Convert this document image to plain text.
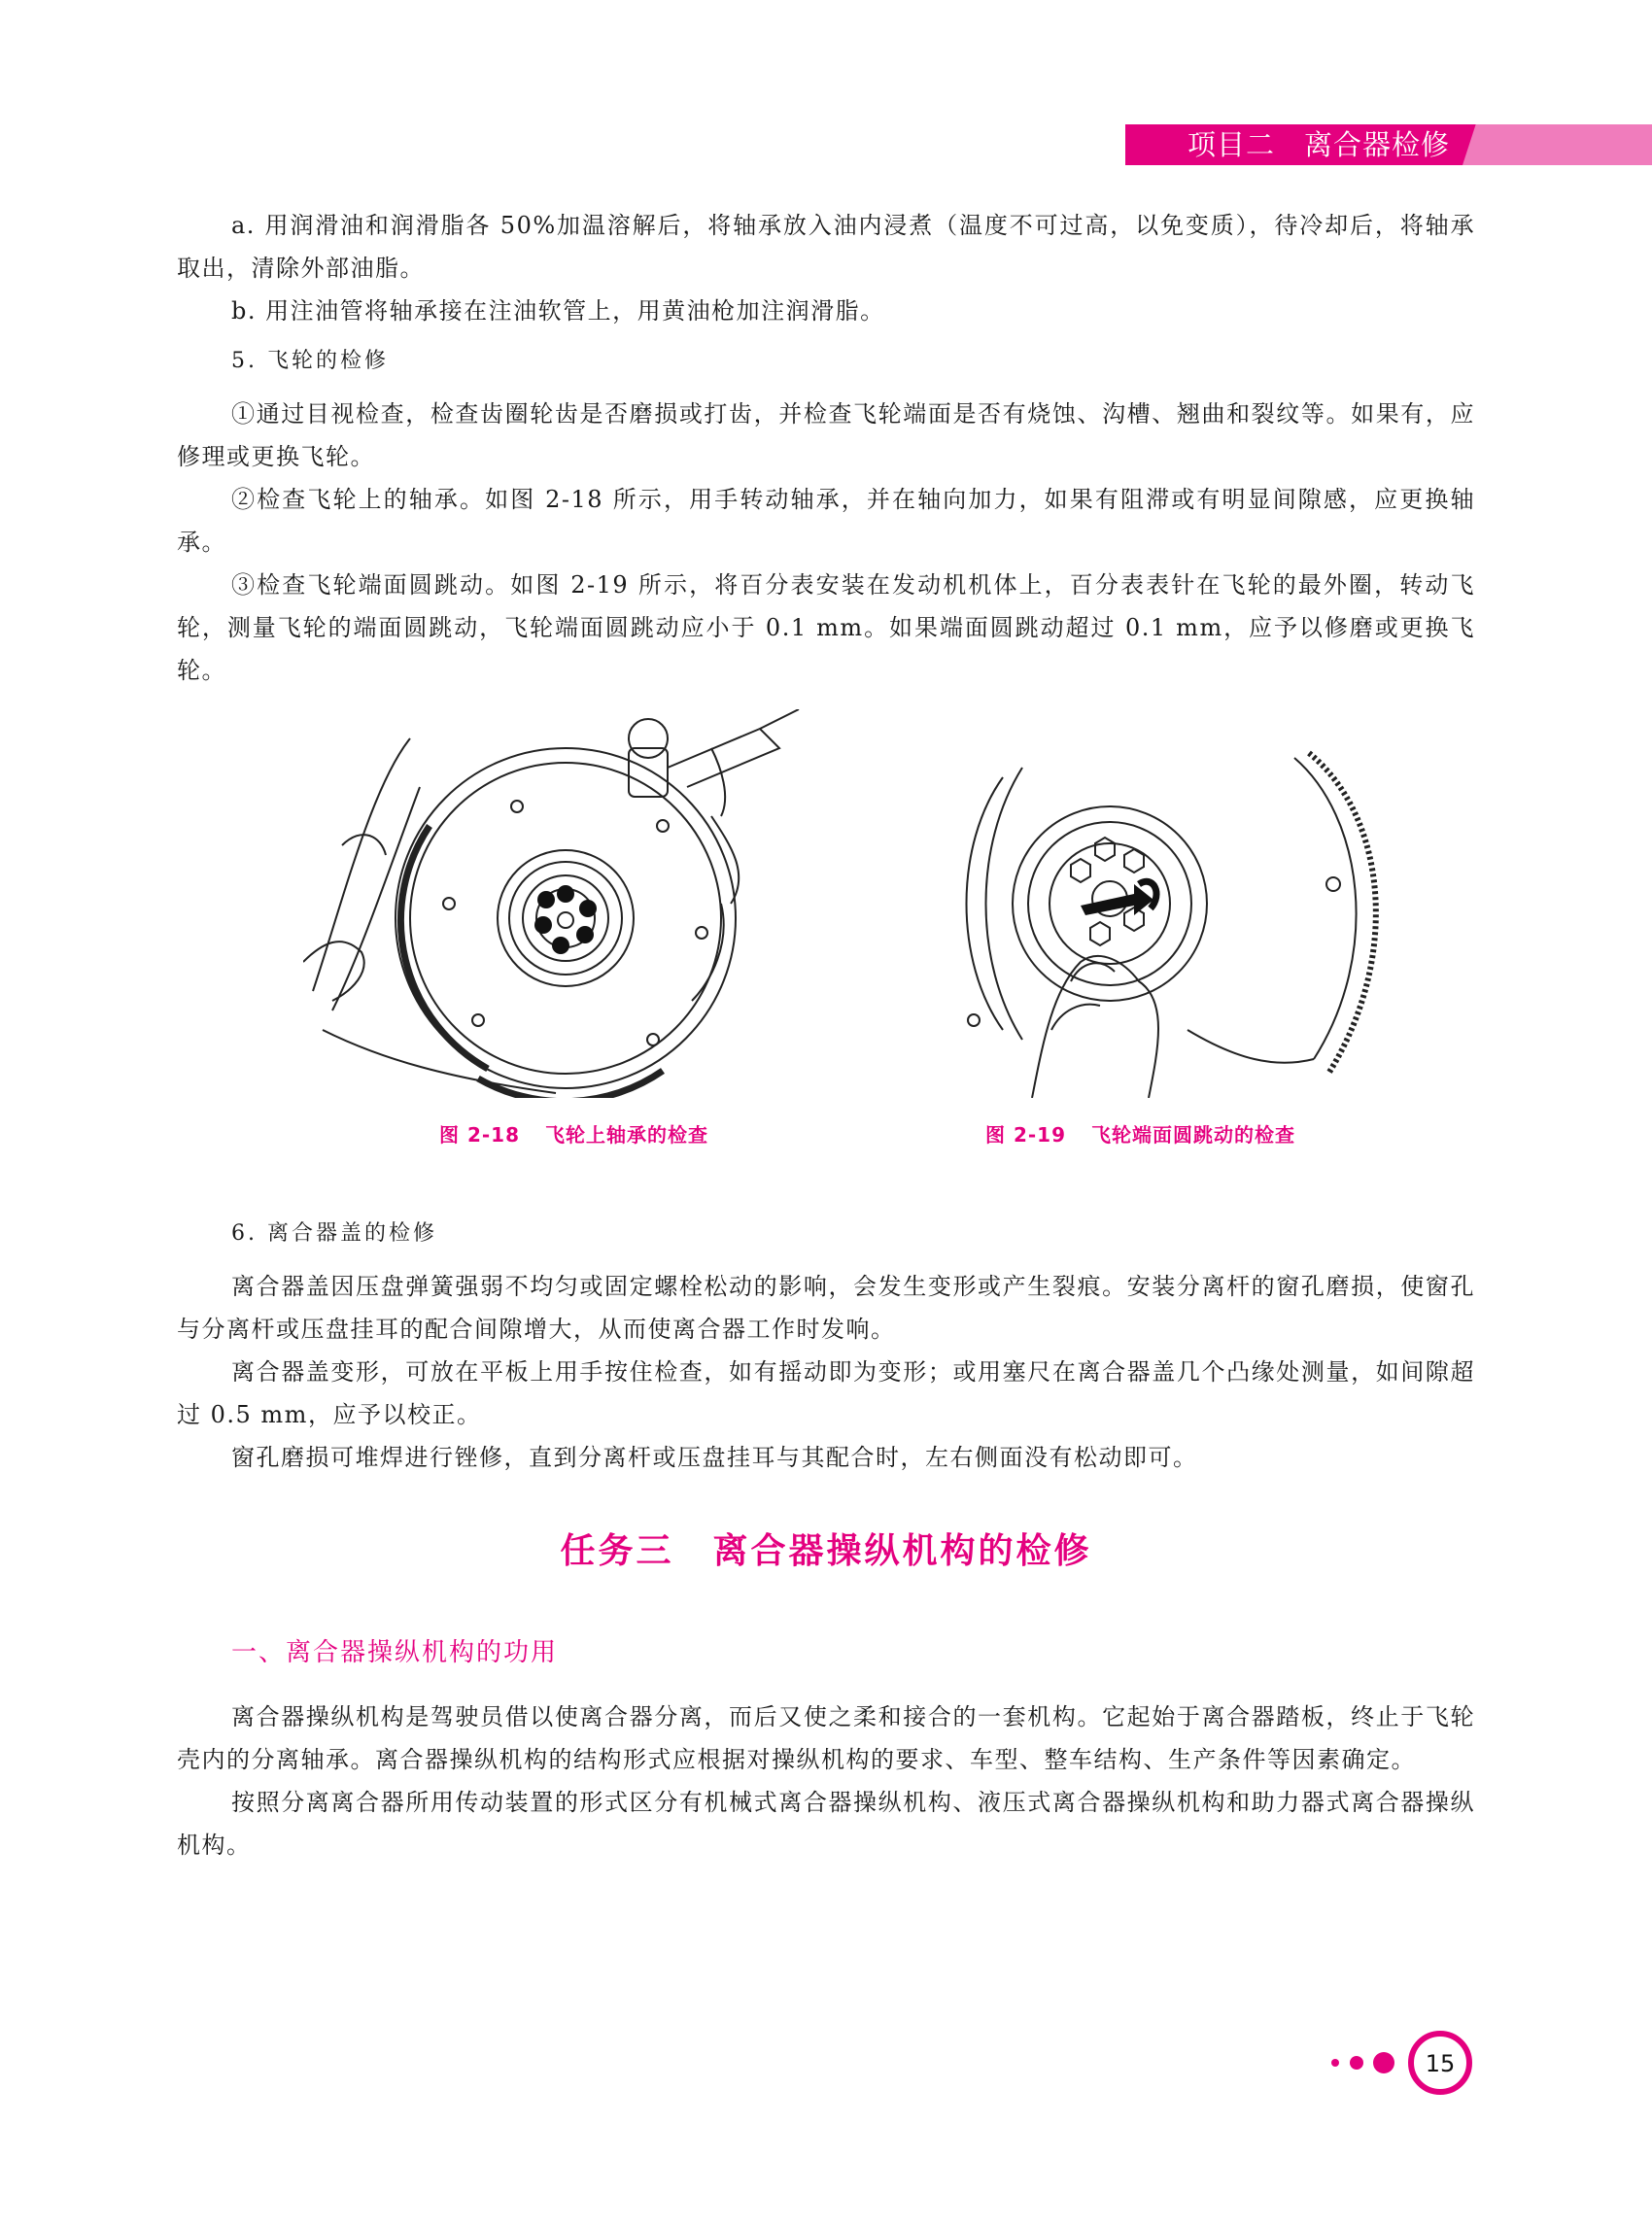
项目二 离合器检修

a. 用润滑油和润滑脂各 50%加温溶解后，将轴承放入油内浸煮（温度不可过高，以免变质），待冷却后，将轴承取出，清除外部油脂。

b. 用注油管将轴承接在注油软管上，用黄油枪加注润滑脂。

5. 飞轮的检修

①通过目视检查，检查齿圈轮齿是否磨损或打齿，并检查飞轮端面是否有烧蚀、沟槽、翘曲和裂纹等。如果有，应修理或更换飞轮。

②检查飞轮上的轴承。如图 2-18 所示，用手转动轴承，并在轴向加力，如果有阻滞或有明显间隙感，应更换轴承。

③检查飞轮端面圆跳动。如图 2-19 所示，将百分表安装在发动机机体上，百分表表针在飞轮的最外圈，转动飞轮，测量飞轮的端面圆跳动，飞轮端面圆跳动应小于 0.1 mm。如果端面圆跳动超过 0.1 mm，应予以修磨或更换飞轮。

图 2-18 飞轮上轴承的检查	图 2-19 飞轮端面圆跳动的检查
6. 离合器盖的检修

离合器盖因压盘弹簧强弱不均匀或固定螺栓松动的影响，会发生变形或产生裂痕。安装分离杆的窗孔磨损，使窗孔与分离杆或压盘挂耳的配合间隙增大，从而使离合器工作时发响。

离合器盖变形，可放在平板上用手按住检查，如有摇动即为变形；或用塞尺在离合器盖几个凸缘处测量，如间隙超过 0.5 mm，应予以校正。

窗孔磨损可堆焊进行锉修，直到分离杆或压盘挂耳与其配合时，左右侧面没有松动即可。

任务三 离合器操纵机构的检修
一、离合器操纵机构的功用

离合器操纵机构是驾驶员借以使离合器分离，而后又使之柔和接合的一套机构。它起始于离合器踏板，终止于飞轮壳内的分离轴承。离合器操纵机构的结构形式应根据对操纵机构的要求、车型、整车结构、生产条件等因素确定。

按照分离离合器所用传动装置的形式区分有机械式离合器操纵机构、液压式离合器操纵机构和助力器式离合器操纵机构。

15
